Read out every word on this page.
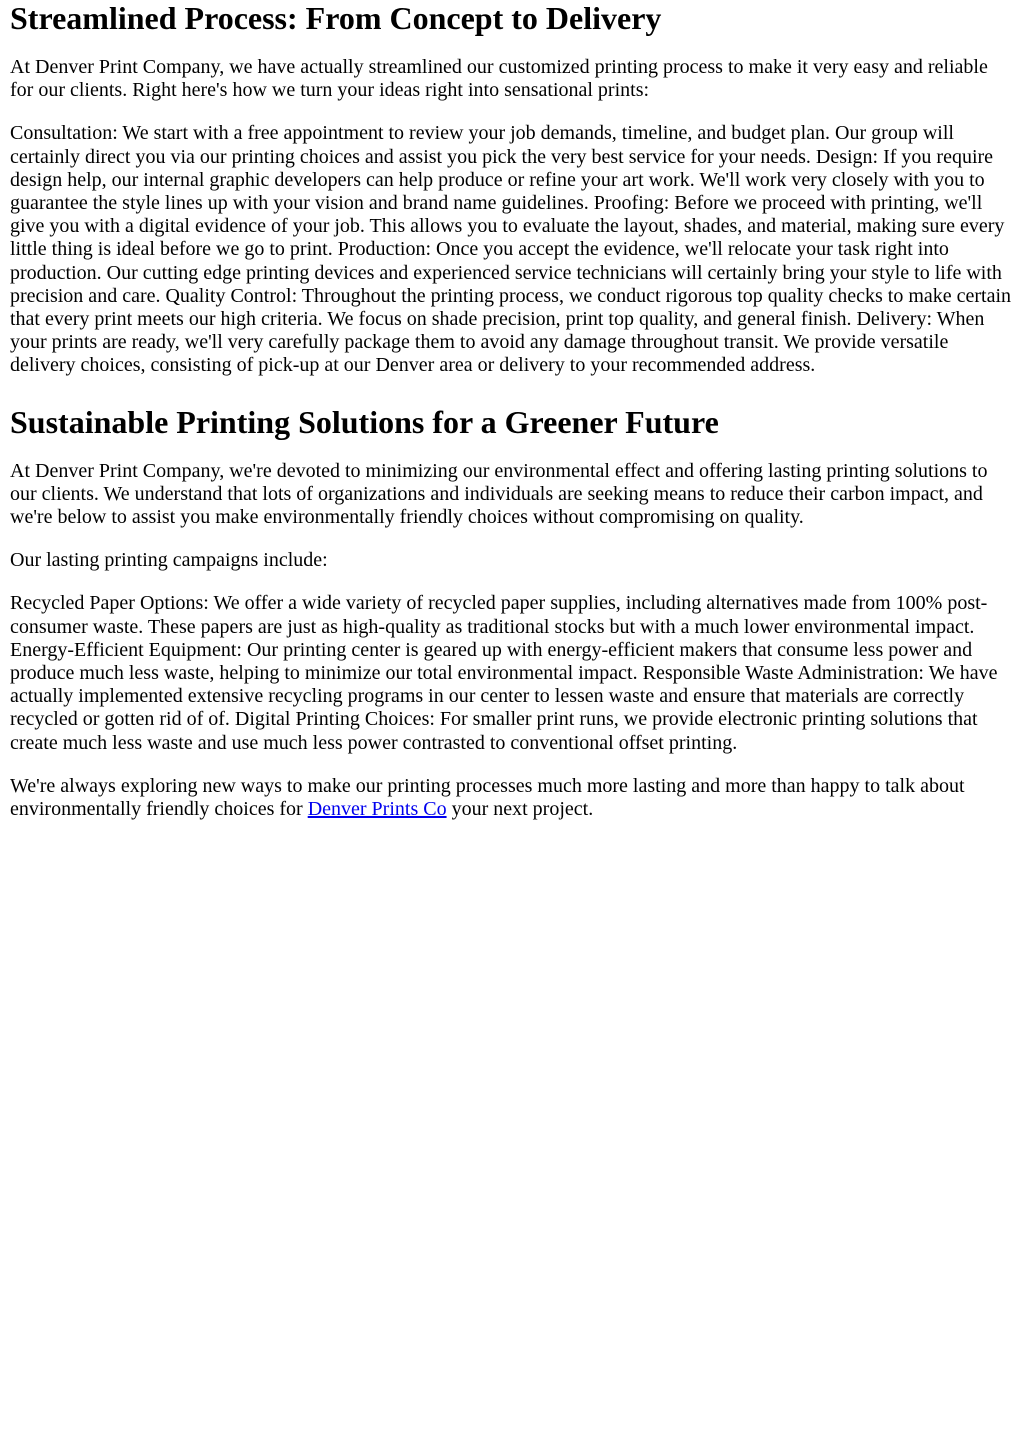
Streamlined Process: From Concept to Delivery

At Denver Print Company, we have actually streamlined our customized printing process to make it very easy and reliable for our clients. Right here's how we turn your ideas right into sensational prints:

Consultation: We start with a free appointment to review your job demands, timeline, and budget plan. Our group will certainly direct you via our printing choices and assist you pick the very best service for your needs. Design: If you require design help, our internal graphic developers can help produce or refine your art work. We'll work very closely with you to guarantee the style lines up with your vision and brand name guidelines. Proofing: Before we proceed with printing, we'll give you with a digital evidence of your job. This allows you to evaluate the layout, shades, and material, making sure every little thing is ideal before we go to print. Production: Once you accept the evidence, we'll relocate your task right into production. Our cutting edge printing devices and experienced service technicians will certainly bring your style to life with precision and care. Quality Control: Throughout the printing process, we conduct rigorous top quality checks to make certain that every print meets our high criteria. We focus on shade precision, print top quality, and general finish. Delivery: When your prints are ready, we'll very carefully package them to avoid any damage throughout transit. We provide versatile delivery choices, consisting of pick-up at our Denver area or delivery to your recommended address.

Sustainable Printing Solutions for a Greener Future

At Denver Print Company, we're devoted to minimizing our environmental effect and offering lasting printing solutions to our clients. We understand that lots of organizations and individuals are seeking means to reduce their carbon impact, and we're below to assist you make environmentally friendly choices without compromising on quality.

Our lasting printing campaigns include:

Recycled Paper Options: We offer a wide variety of recycled paper supplies, including alternatives made from 100% post-consumer waste. These papers are just as high-quality as traditional stocks but with a much lower environmental impact. Energy-Efficient Equipment: Our printing center is geared up with energy-efficient makers that consume less power and produce much less waste, helping to minimize our total environmental impact. Responsible Waste Administration: We have actually implemented extensive recycling programs in our center to lessen waste and ensure that materials are correctly recycled or gotten rid of of. Digital Printing Choices: For smaller print runs, we provide electronic printing solutions that create much less waste and use much less power contrasted to conventional offset printing.

We're always exploring new ways to make our printing processes much more lasting and more than happy to talk about environmentally friendly choices for Denver Prints Co your next project.
